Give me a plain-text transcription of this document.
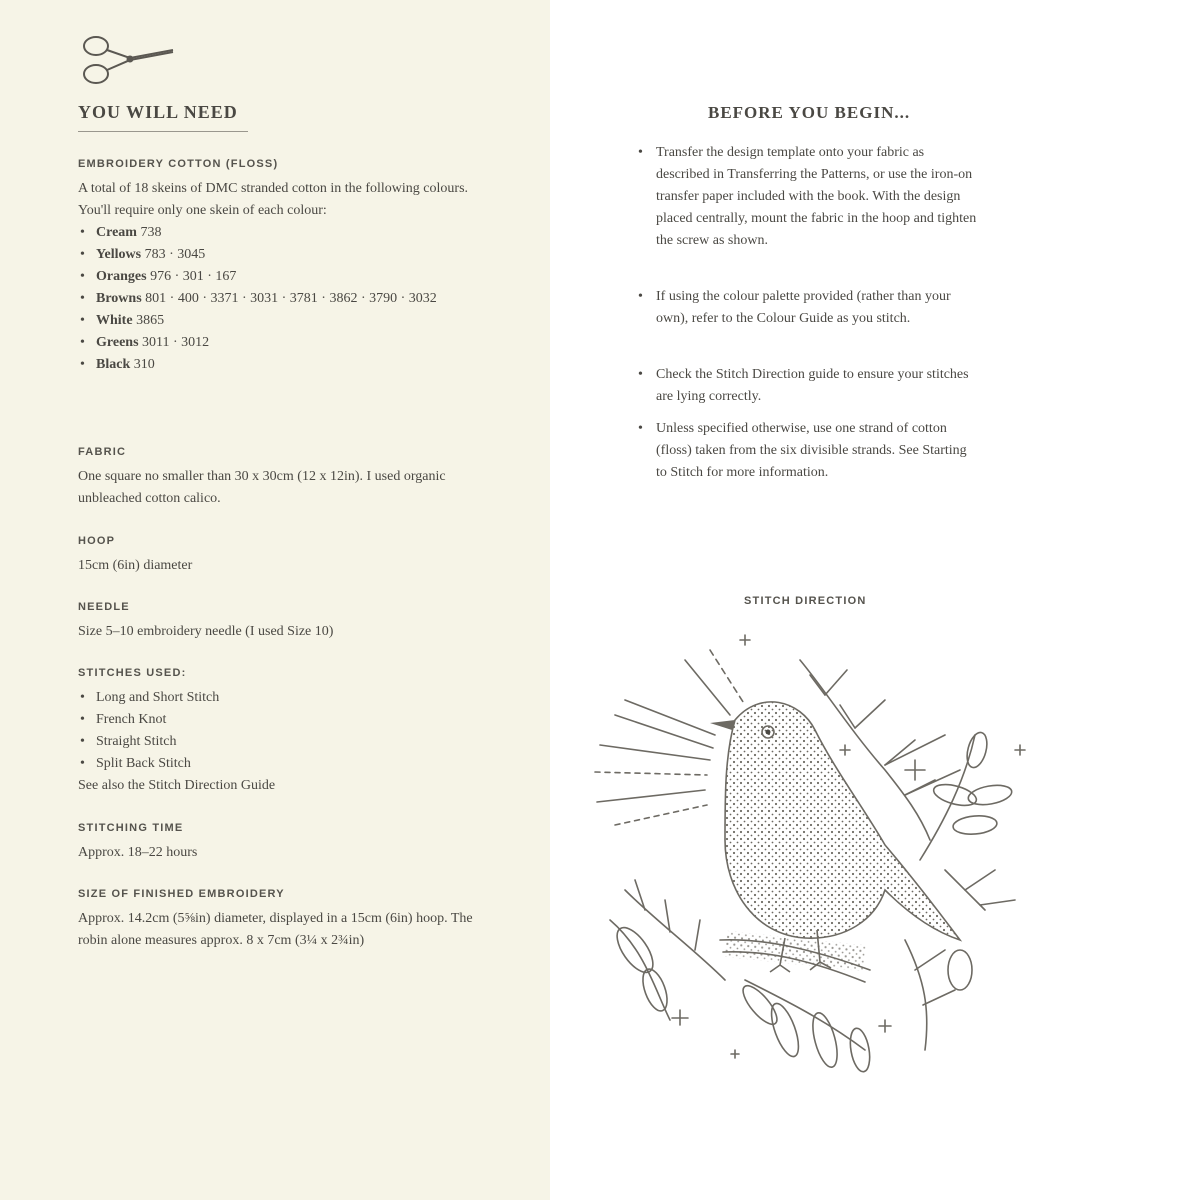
YOU WILL NEED
EMBROIDERY COTTON (FLOSS)

A total of 18 skeins of DMC stranded cotton in the following colours. You'll require only one skein of each colour:

• Cream 738
• Yellows 783 · 3045
• Oranges 976 · 301 · 167
• Browns 801 · 400 · 3371 · 3031 · 3781 · 3862 · 3790 · 3032
• White 3865
• Greens 3011 · 3012
• Black 310
FABRIC

One square no smaller than 30 x 30cm (12 x 12in). I used organic unbleached cotton calico.

HOOP

15cm (6in) diameter

NEEDLE

Size 5–10 embroidery needle (I used Size 10)

STITCHES USED:
• Long and Short Stitch
• French Knot
• Straight Stitch
• Split Back Stitch

See also the Stitch Direction Guide

STITCHING TIME

Approx. 18–22 hours

SIZE OF FINISHED EMBROIDERY

Approx. 14.2cm (5⅝in) diameter, displayed in a 15cm (6in) hoop. The robin alone measures approx. 8 x 7cm (3¼ x 2¾in)

BEFORE YOU BEGIN...
• Transfer the design template onto your fabric as described in Transferring the Patterns, or use the iron-on transfer paper included with the book. With the design placed centrally, mount the fabric in the hoop and tighten the screw as shown.

• If using the colour palette provided (rather than your own), refer to the Colour Guide as you stitch.

• Check the Stitch Direction guide to ensure your stitches are lying correctly.

• Unless specified otherwise, use one strand of cotton (floss) taken from the six divisible strands. See Starting to Stitch for more information.

STITCH DIRECTION
